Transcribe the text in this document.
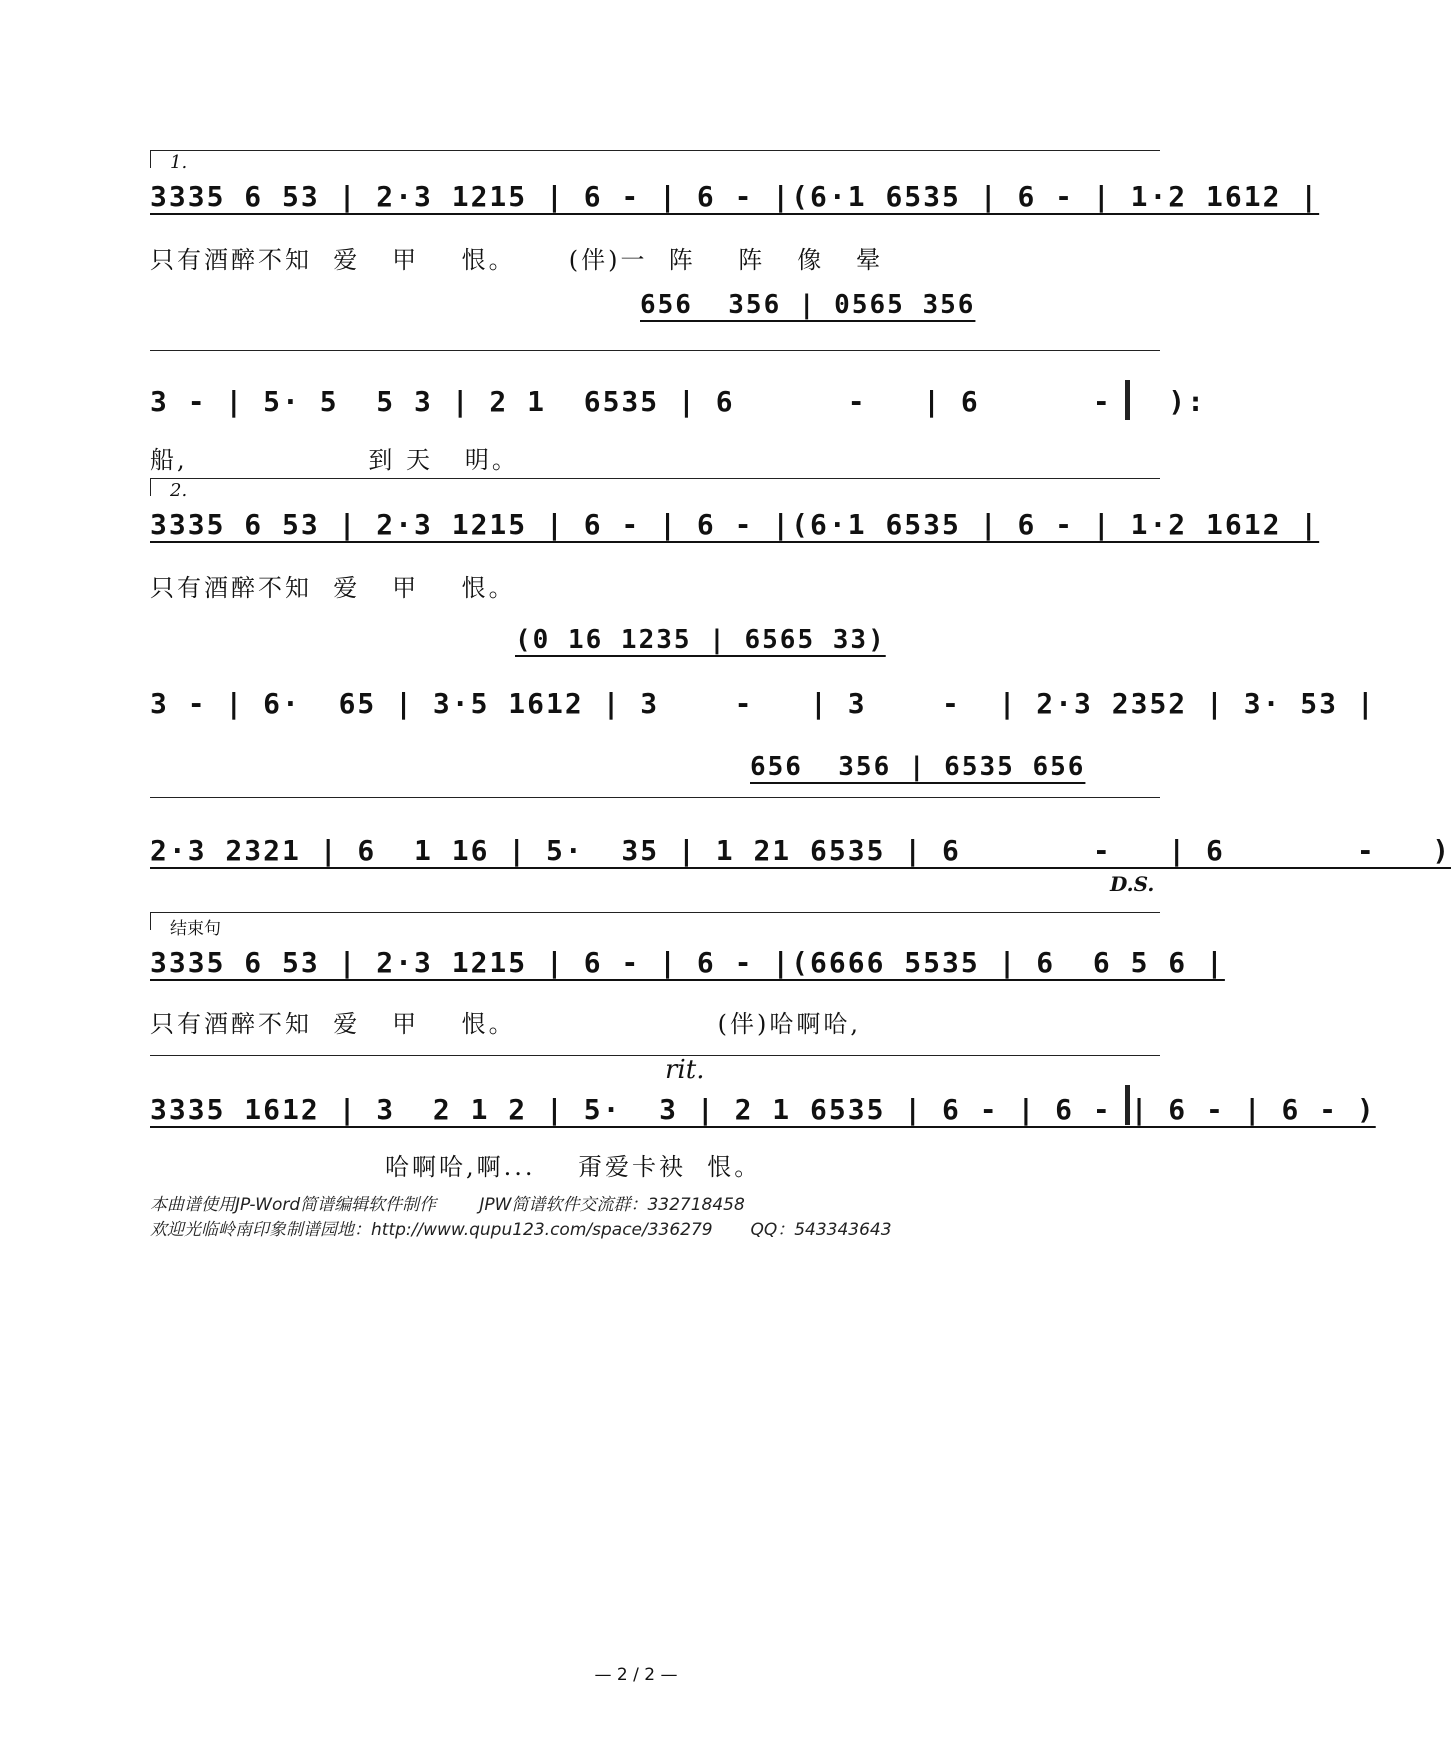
1.
3335 6 53 | 2·3 1215 | 6 - | 6 - |(6·1 6535 | 6 - | 1·2 1612 |
只有酒醉不知  爱   甲    恨。     (伴)一  阵    阵   像   晕
656  356 | 0565 356
3 - | 5· 5  5 3 | 2 1  6535 | 6      -   | 6      -   ):
船,                 到 天   明。
2.
3335 6 53 | 2·3 1215 | 6 - | 6 - |(6·1 6535 | 6 - | 1·2 1612 |
只有酒醉不知  爱   甲    恨。
(0 16 1235 | 6565 33)
3 - | 6·  65 | 3·5 1612 | 3    -   | 3    -  | 2·3 2352 | 3· 53 |
656  356 | 6535 656
2·3 2321 | 6  1 16 | 5·  35 | 1 21 6535 | 6       -   | 6       -   )
D.S.
结束句
3335 6 53 | 2·3 1215 | 6 - | 6 - |(6666 5535 | 6  6 5 6 |
只有酒醉不知  爱   甲    恨。                   (伴)哈啊哈,
rit.
3335 1612 | 3  2 1 2 | 5·  3 | 2 1 6535 | 6 - | 6 - | 6 - | 6 - )
哈啊哈,啊...    甭爱卡袂  恨。
本曲谱使用JP-Word简谱编辑软件制作        JPW简谱软件交流群：332718458
欢迎光临岭南印象制谱园地：http://www.qupu123.com/space/336279       QQ：543343643
— 2 / 2 —
